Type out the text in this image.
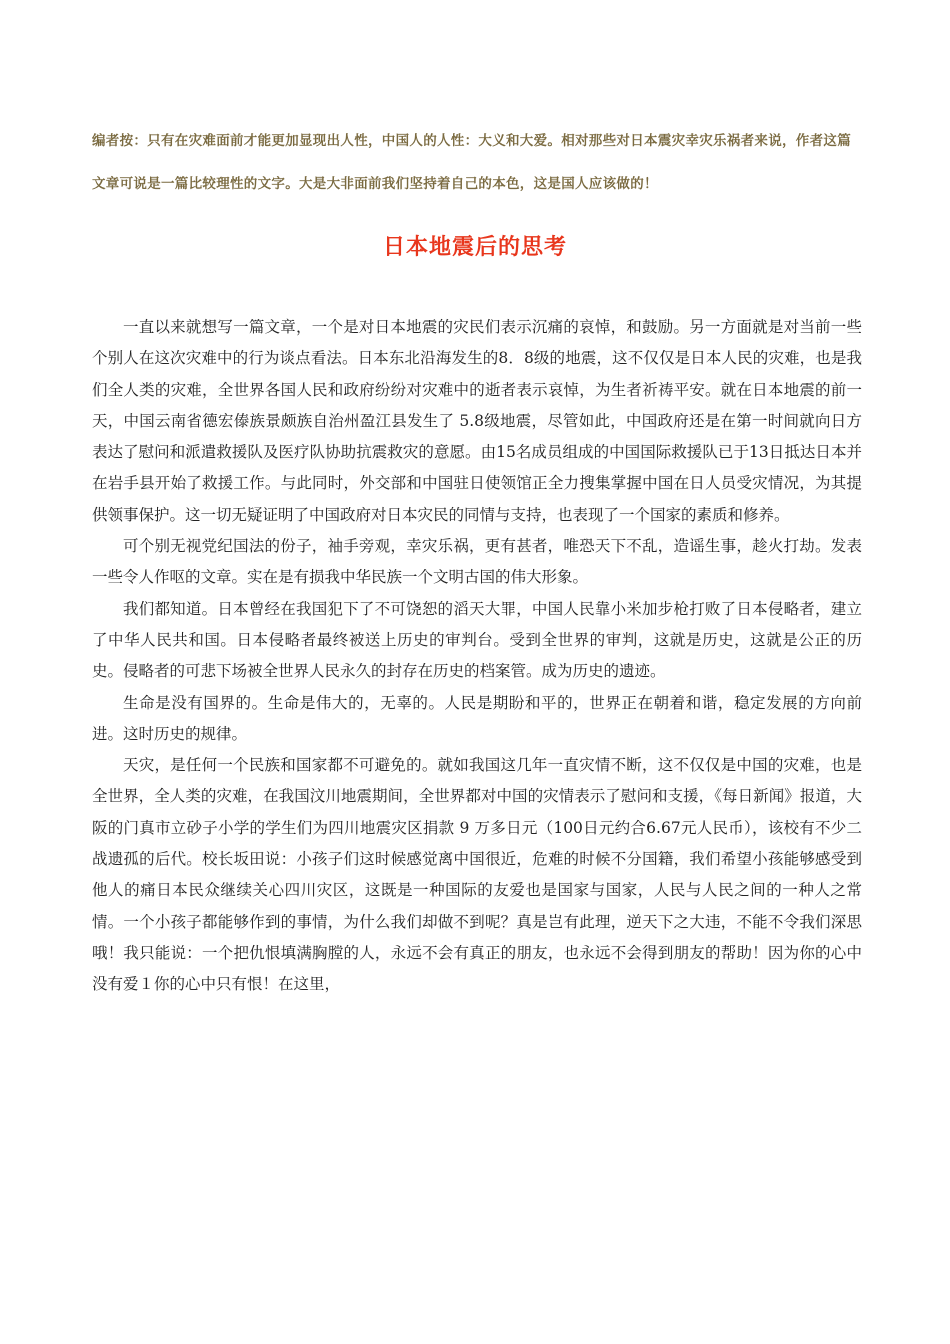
编者按：只有在灾难面前才能更加显现出人性，中国人的人性：大义和大爱。相对那些对日本震灾幸灾乐祸者来说，作者这篇文章可说是一篇比较理性的文字。大是大非面前我们坚持着自己的本色，这是国人应该做的！
日本地震后的思考

一直以来就想写一篇文章，一个是对日本地震的灾民们表示沉痛的哀悼，和鼓励。另一方面就是对当前一些个别人在这次灾难中的行为谈点看法。日本东北沿海发生的8．8级的地震，这不仅仅是日本人民的灾难，也是我们全人类的灾难，全世界各国人民和政府纷纷对灾难中的逝者表示哀悼，为生者祈祷平安。就在日本地震的前一天，中国云南省德宏傣族景颇族自治州盈江县发生了 5.8级地震，尽管如此，中国政府还是在第一时间就向日方表达了慰问和派遣救援队及医疗队协助抗震救灾的意愿。由15名成员组成的中国国际救援队已于13日抵达日本并在岩手县开始了救援工作。与此同时，外交部和中国驻日使领馆正全力搜集掌握中国在日人员受灾情况，为其提供领事保护。这一切无疑证明了中国政府对日本灾民的同情与支持，也表现了一个国家的素质和修养。

可个别无视党纪国法的份子，袖手旁观，幸灾乐祸，更有甚者，唯恐天下不乱，造谣生事，趁火打劫。发表一些令人作呕的文章。实在是有损我中华民族一个文明古国的伟大形象。

我们都知道。日本曾经在我国犯下了不可饶恕的滔天大罪，中国人民靠小米加步枪打败了日本侵略者，建立了中华人民共和国。日本侵略者最终被送上历史的审判台。受到全世界的审判，这就是历史，这就是公正的历史。侵略者的可悲下场被全世界人民永久的封存在历史的档案管。成为历史的遗迹。

生命是没有国界的。生命是伟大的，无辜的。人民是期盼和平的，世界正在朝着和谐，稳定发展的方向前进。这时历史的规律。

天灾，是任何一个民族和国家都不可避免的。就如我国这几年一直灾情不断，这不仅仅是中国的灾难，也是全世界，全人类的灾难，在我国汶川地震期间，全世界都对中国的灾情表示了慰问和支援，《每日新闻》报道，大阪的门真市立砂子小学的学生们为四川地震灾区捐款 9 万多日元（100日元约合6.67元人民币），该校有不少二战遗孤的后代。校长坂田说：小孩子们这时候感觉离中国很近，危难的时候不分国籍，我们希望小孩能够感受到他人的痛日本民众继续关心四川灾区，这既是一种国际的友爱也是国家与国家，人民与人民之间的一种人之常情。一个小孩子都能够作到的事情，为什么我们却做不到呢？真是岂有此理，逆天下之大违，不能不令我们深思哦！我只能说：一个把仇恨填满胸膛的人，永远不会有真正的朋友，也永远不会得到朋友的帮助！因为你的心中没有爱１你的心中只有恨！在这里，
